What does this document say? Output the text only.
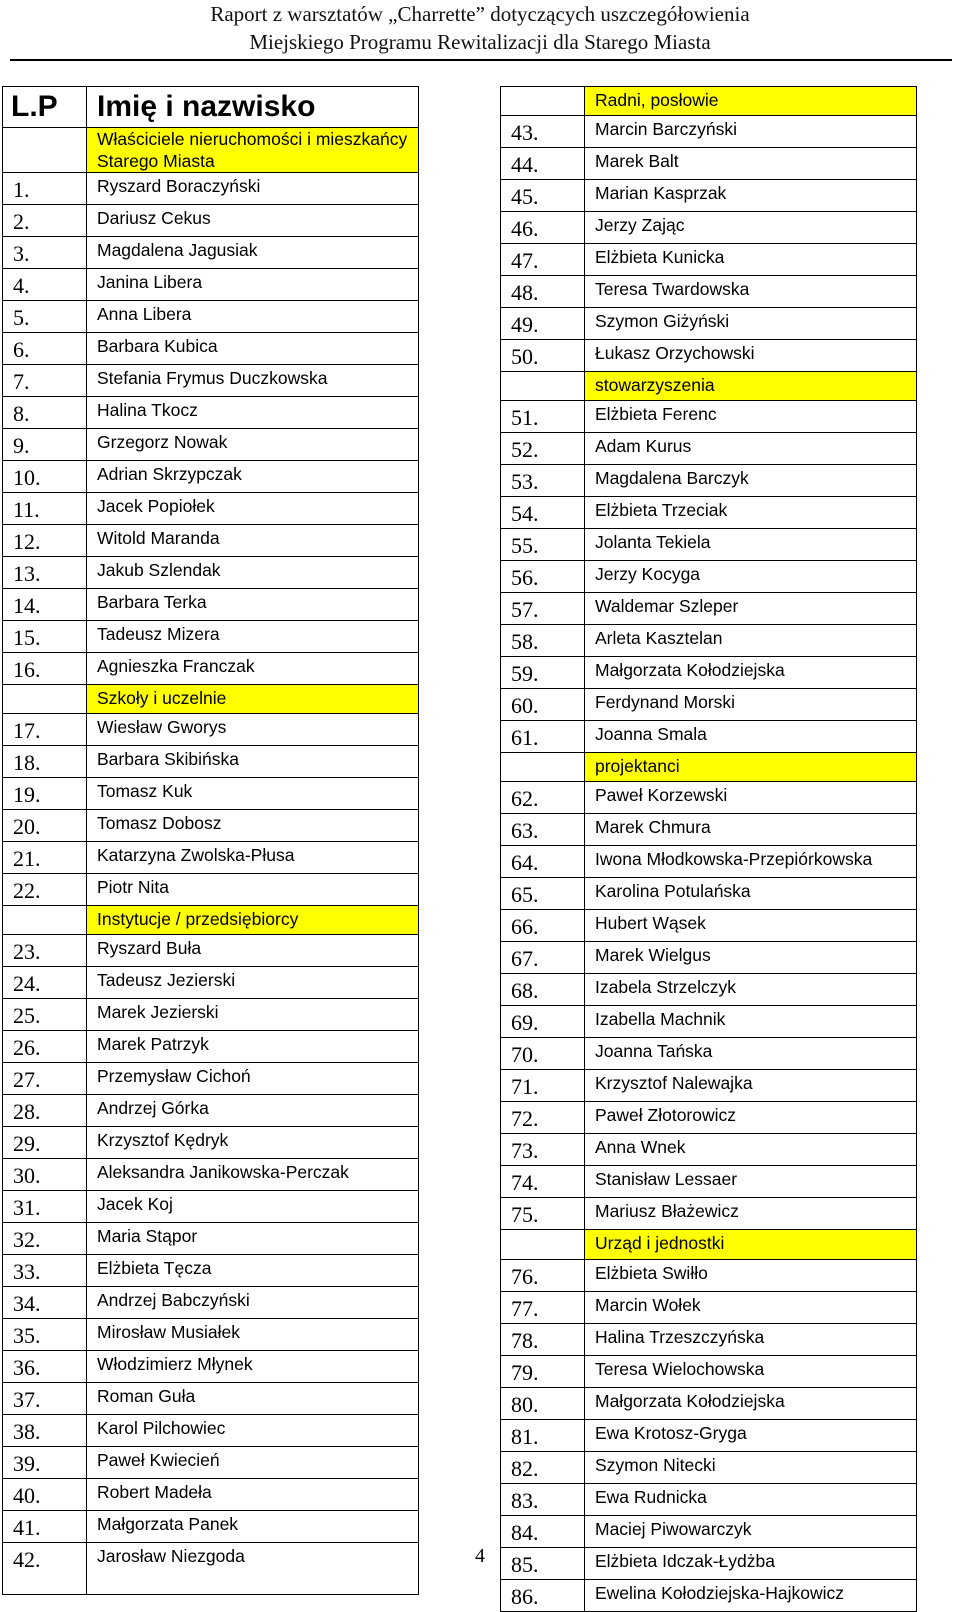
Raport z warsztatów „Charrette” dotyczących uszczegółowienia
Miejskiego Programu Rewitalizacji dla Starego Miasta
L.P	Imię i nazwisko
	Właściciele nieruchomości i mieszkańcy Starego Miasta
1.	Ryszard Boraczyński
2.	Dariusz Cekus
3.	Magdalena Jagusiak
4.	Janina Libera
5.	Anna Libera
6.	Barbara Kubica
7.	Stefania Frymus Duczkowska
8.	Halina Tkocz
9.	Grzegorz Nowak
10.	Adrian Skrzypczak
11.	Jacek Popiołek
12.	Witold Maranda
13.	Jakub Szlendak
14.	Barbara Terka
15.	Tadeusz Mizera
16.	Agnieszka Franczak
	Szkoły i uczelnie
17.	Wiesław Gworys
18.	Barbara Skibińska
19.	Tomasz Kuk
20.	Tomasz Dobosz
21.	Katarzyna Zwolska-Płusa
22.	Piotr Nita
	Instytucje / przedsiębiorcy
23.	Ryszard Buła
24.	Tadeusz Jezierski
25.	Marek Jezierski
26.	Marek Patrzyk
27.	Przemysław Cichoń
28.	Andrzej Górka
29.	Krzysztof Kędryk
30.	Aleksandra Janikowska-Perczak
31.	Jacek Koj
32.	Maria Stąpor
33.	Elżbieta Tęcza
34.	Andrzej Babczyński
35.	Mirosław Musiałek
36.	Włodzimierz Młynek
37.	Roman Guła
38.	Karol Pilchowiec
39.	Paweł Kwiecień
40.	Robert Madeła
41.	Małgorzata Panek
42.	Jarosław Niezgoda
	Radni, posłowie
43.	Marcin Barczyński
44.	Marek Balt
45.	Marian Kasprzak
46.	Jerzy Zając
47.	Elżbieta Kunicka
48.	Teresa Twardowska
49.	Szymon Giżyński
50.	Łukasz Orzychowski
	stowarzyszenia
51.	Elżbieta Ferenc
52.	Adam Kurus
53.	Magdalena Barczyk
54.	Elżbieta Trzeciak
55.	Jolanta Tekiela
56.	Jerzy Kocyga
57.	Waldemar Szleper
58.	Arleta Kasztelan
59.	Małgorzata Kołodziejska
60.	Ferdynand Morski
61.	Joanna Smala
	projektanci
62.	Paweł Korzewski
63.	Marek Chmura
64.	Iwona Młodkowska-Przepiórkowska
65.	Karolina Potulańska
66.	Hubert Wąsek
67.	Marek Wielgus
68.	Izabela Strzelczyk
69.	Izabella Machnik
70.	Joanna Tańska
71.	Krzysztof Nalewajka
72.	Paweł Złotorowicz
73.	Anna Wnek
74.	Stanisław Lessaer
75.	Mariusz Błażewicz
	Urząd i jednostki
76.	Elżbieta Swiłło
77.	Marcin Wołek
78.	Halina Trzeszczyńska
79.	Teresa Wielochowska
80.	Małgorzata Kołodziejska
81.	Ewa Krotosz-Gryga
82.	Szymon Nitecki
83.	Ewa Rudnicka
84.	Maciej Piwowarczyk
85.	Elżbieta Idczak-Łydżba
86.	Ewelina Kołodziejska-Hajkowicz
4
